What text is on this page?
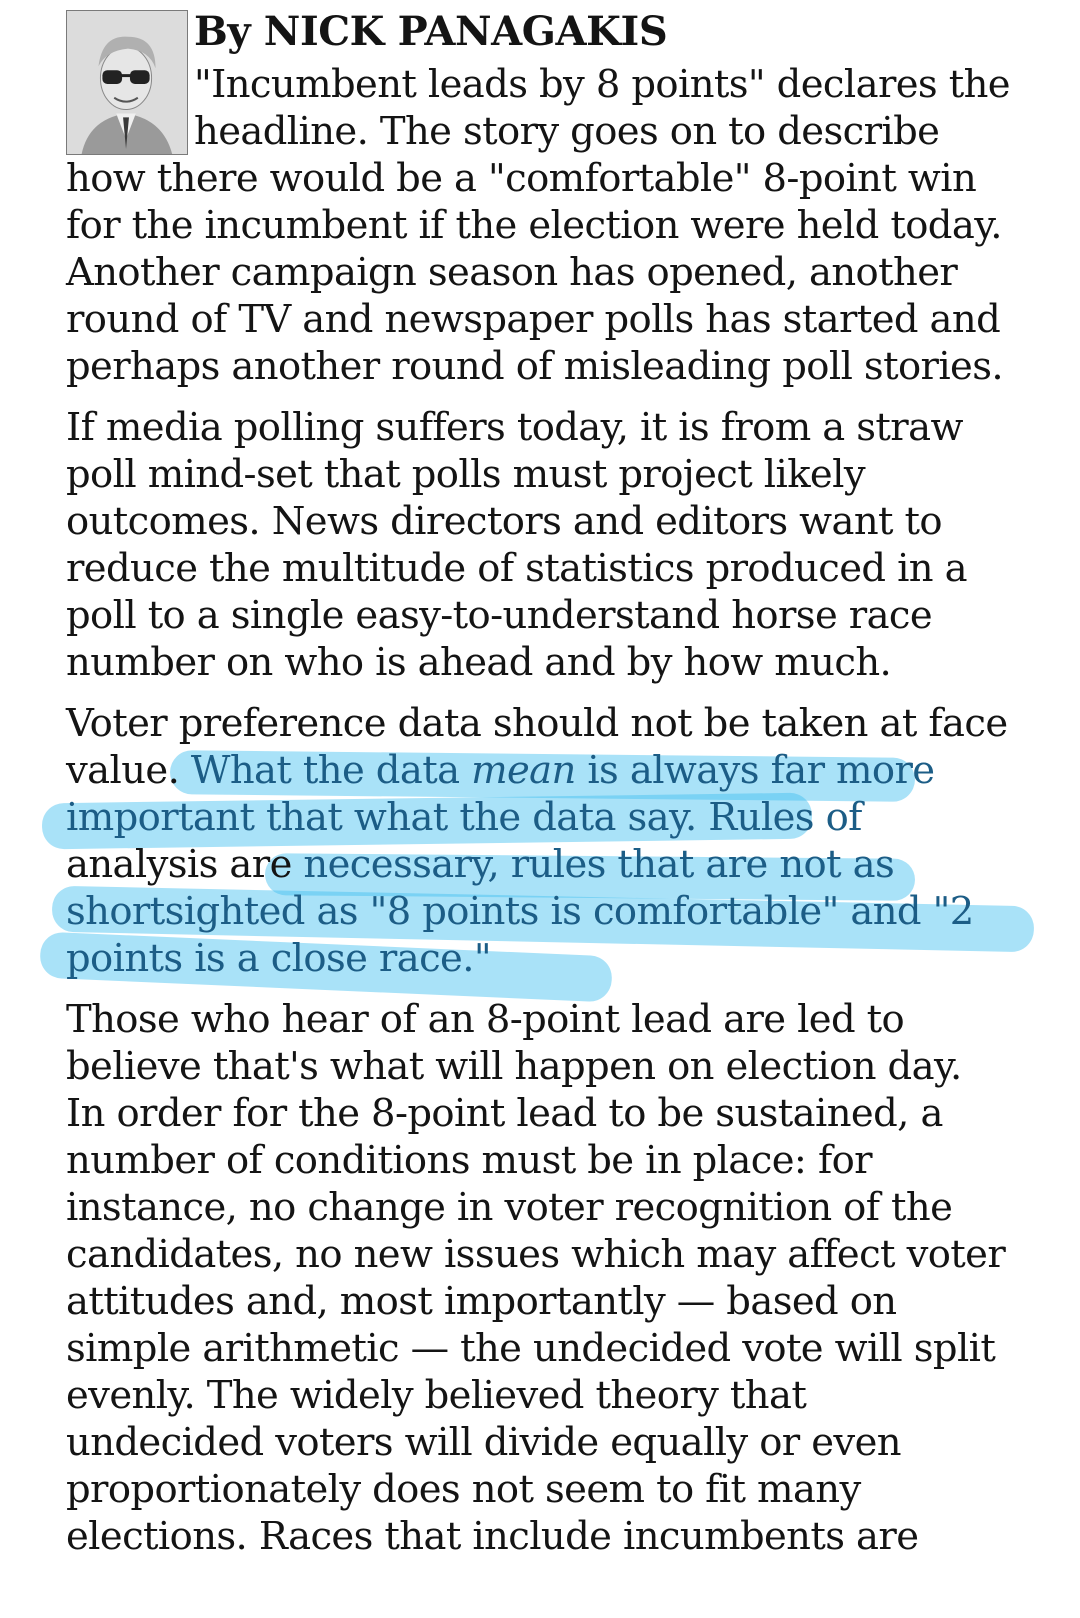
By NICK PANAGAKIS
"Incumbent leads by 8 points" declares the
headline. The story goes on to describe
how there would be a "comfortable" 8-point win
for the incumbent if the election were held today.
Another campaign season has opened, another
round of TV and newspaper polls has started and
perhaps another round of misleading poll stories.
If media polling suffers today, it is from a straw
poll mind-set that polls must project likely
outcomes. News directors and editors want to
reduce the multitude of statistics produced in a
poll to a single easy-to-understand horse race
number on who is ahead and by how much.
Voter preference data should not be taken at face
value. What the data mean is always far more
important that what the data say. Rules of
analysis are necessary, rules that are not as
shortsighted as "8 points is comfortable" and "2
points is a close race."
Those who hear of an 8-point lead are led to
believe that's what will happen on election day.
In order for the 8-point lead to be sustained, a
number of conditions must be in place: for
instance, no change in voter recognition of the
candidates, no new issues which may affect voter
attitudes and, most importantly — based on
simple arithmetic — the undecided vote will split
evenly. The widely believed theory that
undecided voters will divide equally or even
proportionately does not seem to fit many
elections. Races that include incumbents are
